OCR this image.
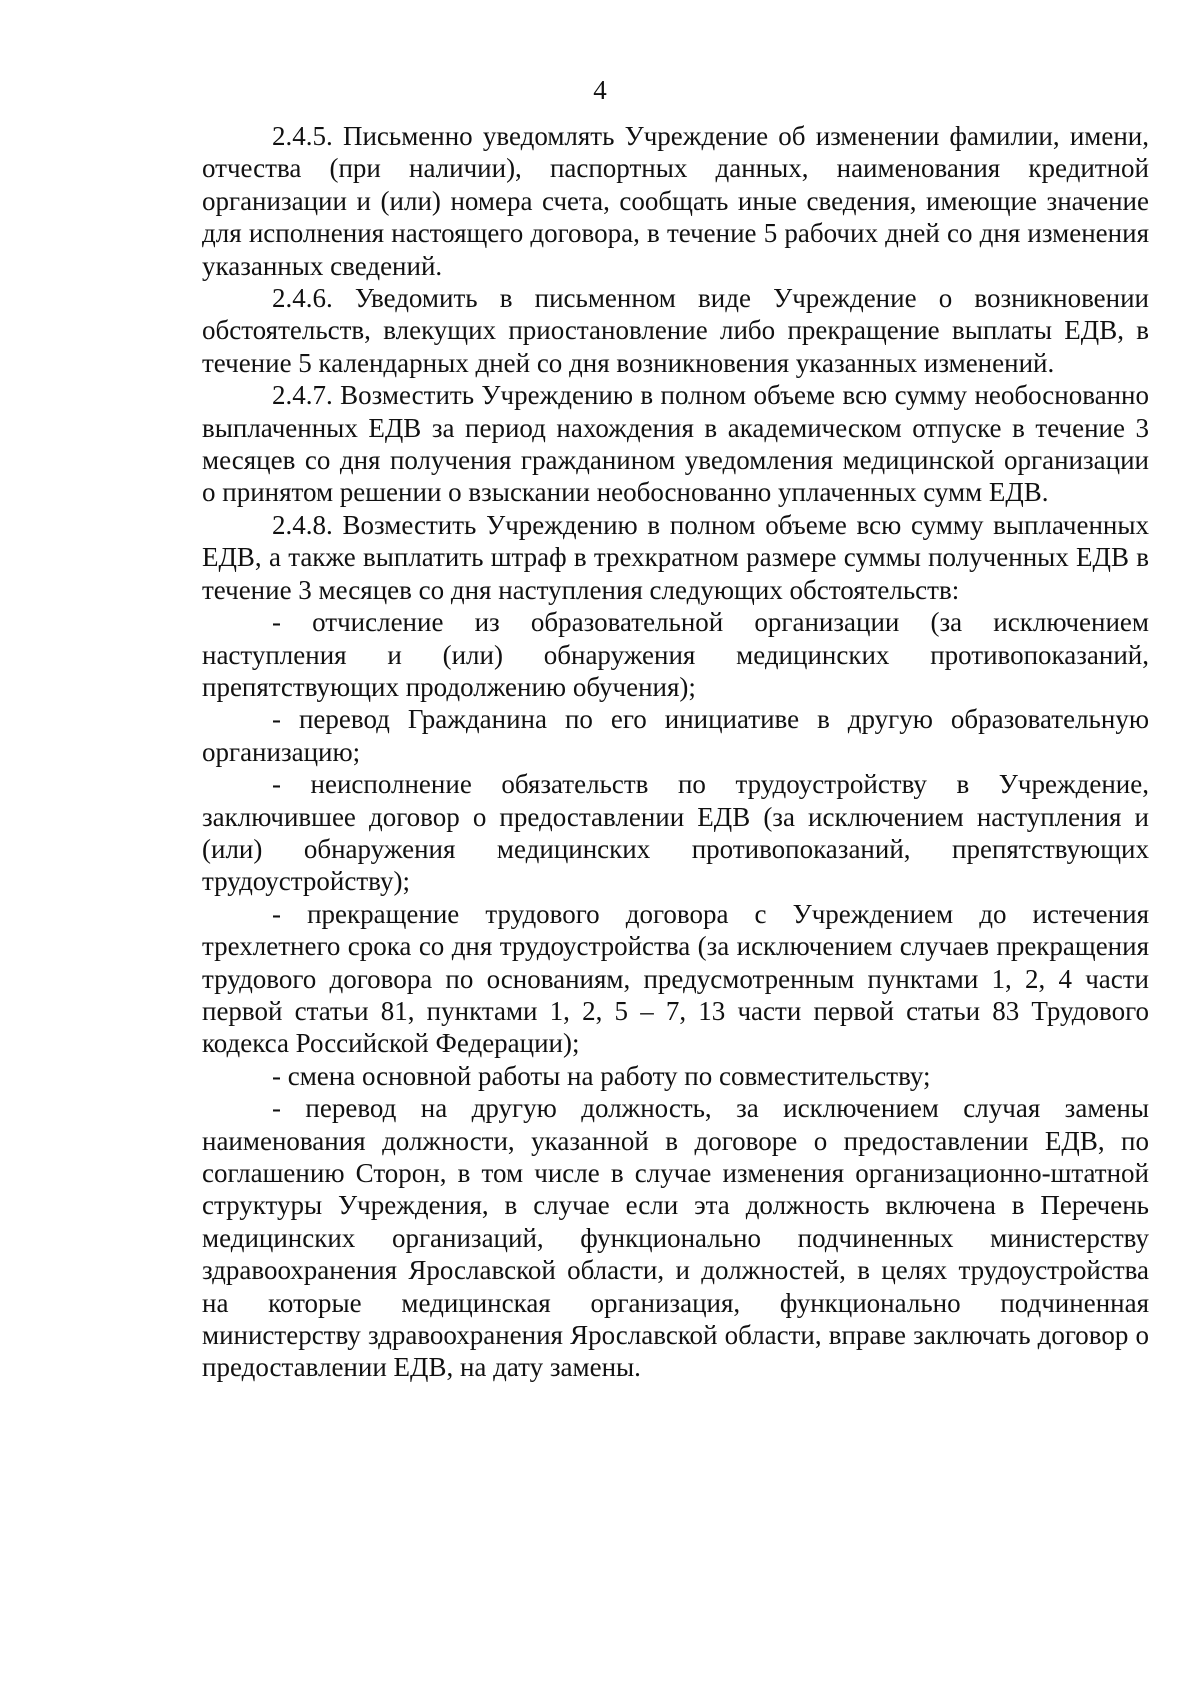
4

2.4.5. Письменно уведомлять Учреждение об изменении фамилии, имени, отчества (при наличии), паспортных данных, наименования кредитной организации и (или) номера счета, сообщать иные сведения, имеющие значение для исполнения настоящего договора, в течение 5 рабочих дней со дня изменения указанных сведений.

2.4.6. Уведомить в письменном виде Учреждение о возникновении обстоятельств, влекущих приостановление либо прекращение выплаты ЕДВ, в течение 5 календарных дней со дня возникновения указанных изменений.

2.4.7. Возместить Учреждению в полном объеме всю сумму необоснованно выплаченных ЕДВ за период нахождения в академическом отпуске в течение 3 месяцев со дня получения гражданином уведомления медицинской организации о принятом решении о взыскании необоснованно уплаченных сумм ЕДВ.

2.4.8. Возместить Учреждению в полном объеме всю сумму выплаченных ЕДВ, а также выплатить штраф в трехкратном размере суммы полученных ЕДВ в течение 3 месяцев со дня наступления следующих обстоятельств:

- отчисление из образовательной организации (за исключением наступления и (или) обнаружения медицинских противопоказаний, препятствующих продолжению обучения);

- перевод Гражданина по его инициативе в другую образовательную организацию;

- неисполнение обязательств по трудоустройству в Учреждение, заключившее договор о предоставлении ЕДВ (за исключением наступления и (или) обнаружения медицинских противопоказаний, препятствующих трудоустройству);

- прекращение трудового договора с Учреждением до истечения трехлетнего срока со дня трудоустройства (за исключением случаев прекращения трудового договора по основаниям, предусмотренным пунктами 1, 2, 4 части первой статьи 81, пунктами 1, 2, 5 – 7, 13 части первой статьи 83 Трудового кодекса Российской Федерации);

- смена основной работы на работу по совместительству;

- перевод на другую должность, за исключением случая замены наименования должности, указанной в договоре о предоставлении ЕДВ, по соглашению Сторон, в том числе в случае изменения организационно-штатной структуры Учреждения, в случае если эта должность включена в Перечень медицинских организаций, функционально подчиненных министерству здравоохранения Ярославской области, и должностей, в целях трудоустройства на которые медицинская организация, функционально подчиненная министерству здравоохранения Ярославской области, вправе заключать договор о предоставлении ЕДВ, на дату замены.
